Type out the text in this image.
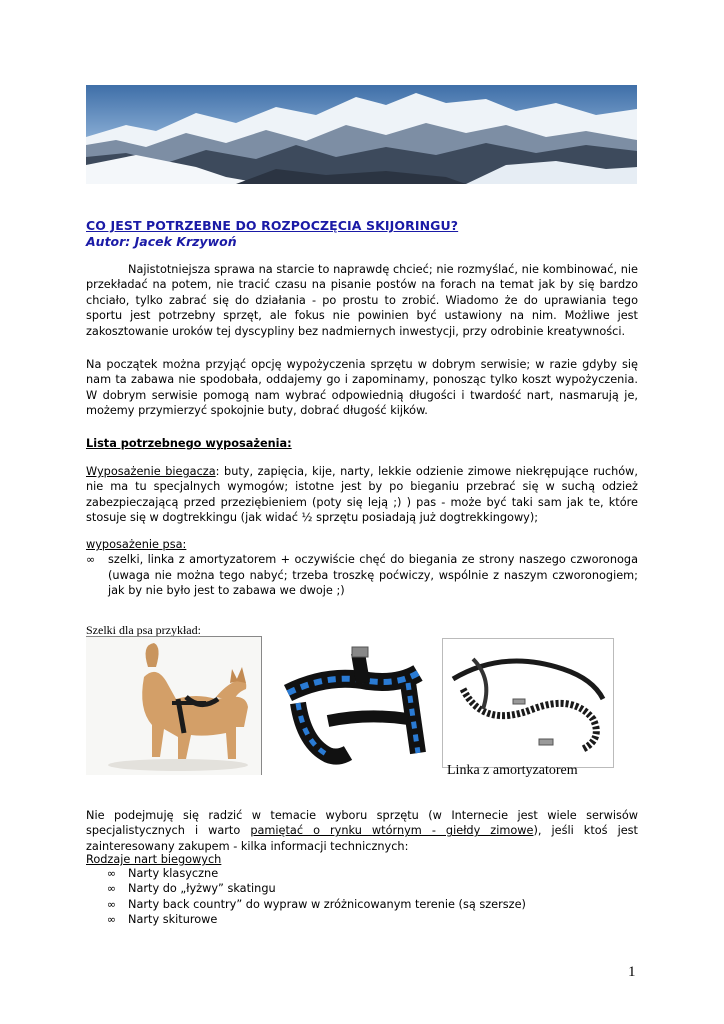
CO JEST POTRZEBNE DO ROZPOCZĘCIA SKIJORINGU?
Autor: Jacek Krzywoń

Najistotniejsza sprawa na starcie to naprawdę chcieć; nie rozmyślać, nie kombinować, nie przekładać na potem, nie tracić czasu na pisanie postów na forach na temat jak by się bardzo chciało, tylko zabrać się do działania - po prostu to zrobić. Wiadomo że do uprawiania tego sportu jest potrzebny sprzęt, ale fokus nie powinien być ustawiony na nim. Możliwe jest zakosztowanie uroków tej dyscypliny bez nadmiernych inwestycji, przy odrobinie kreatywności.

Na początek można przyjąć opcję wypożyczenia sprzętu w dobrym serwisie; w razie gdyby się nam ta zabawa nie spodobała, oddajemy go i zapominamy, ponosząc tylko koszt wypożyczenia. W dobrym serwisie pomogą nam wybrać odpowiednią długości i twardość nart, nasmarują je, możemy przymierzyć spokojnie buty, dobrać długość kijków.

Lista potrzebnego wyposażenia:

Wyposażenie biegacza: buty, zapięcia, kije, narty, lekkie odzienie zimowe niekrępujące ruchów, nie ma tu specjalnych wymogów; istotne jest by po bieganiu przebrać się w suchą odzież zabezpieczającą przed przeziębieniem (poty się leją ;) ) pas - może być taki sam jak te, które stosuje się w dogtrekkingu (jak widać ½ sprzętu posiadają już dogtrekkingowy);

wyposażenie psa:
∞	szelki, linka z amortyzatorem + oczywiście chęć do biegania ze strony naszego czworonoga (uwaga nie można tego nabyć; trzeba troszkę poćwiczy, wspólnie z naszym czworonogiem; jak by nie było jest to zabawa we dwoje ;)
Szelki dla psa przykład:
Linka z amortyzatorem

Nie podejmuję się radzić w temacie wyboru sprzętu (w Internecie jest wiele serwisów specjalistycznych i warto pamiętać o rynku wtórnym - giełdy zimowe), jeśli ktoś jest zainteresowany zakupem - kilka informacji technicznych:

Rodzaje nart biegowych
∞	Narty klasyczne
∞	Narty do „łyżwy” skatingu
∞	Narty back country” do wypraw w zróżnicowanym terenie (są szersze)
∞	Narty skiturowe
1
